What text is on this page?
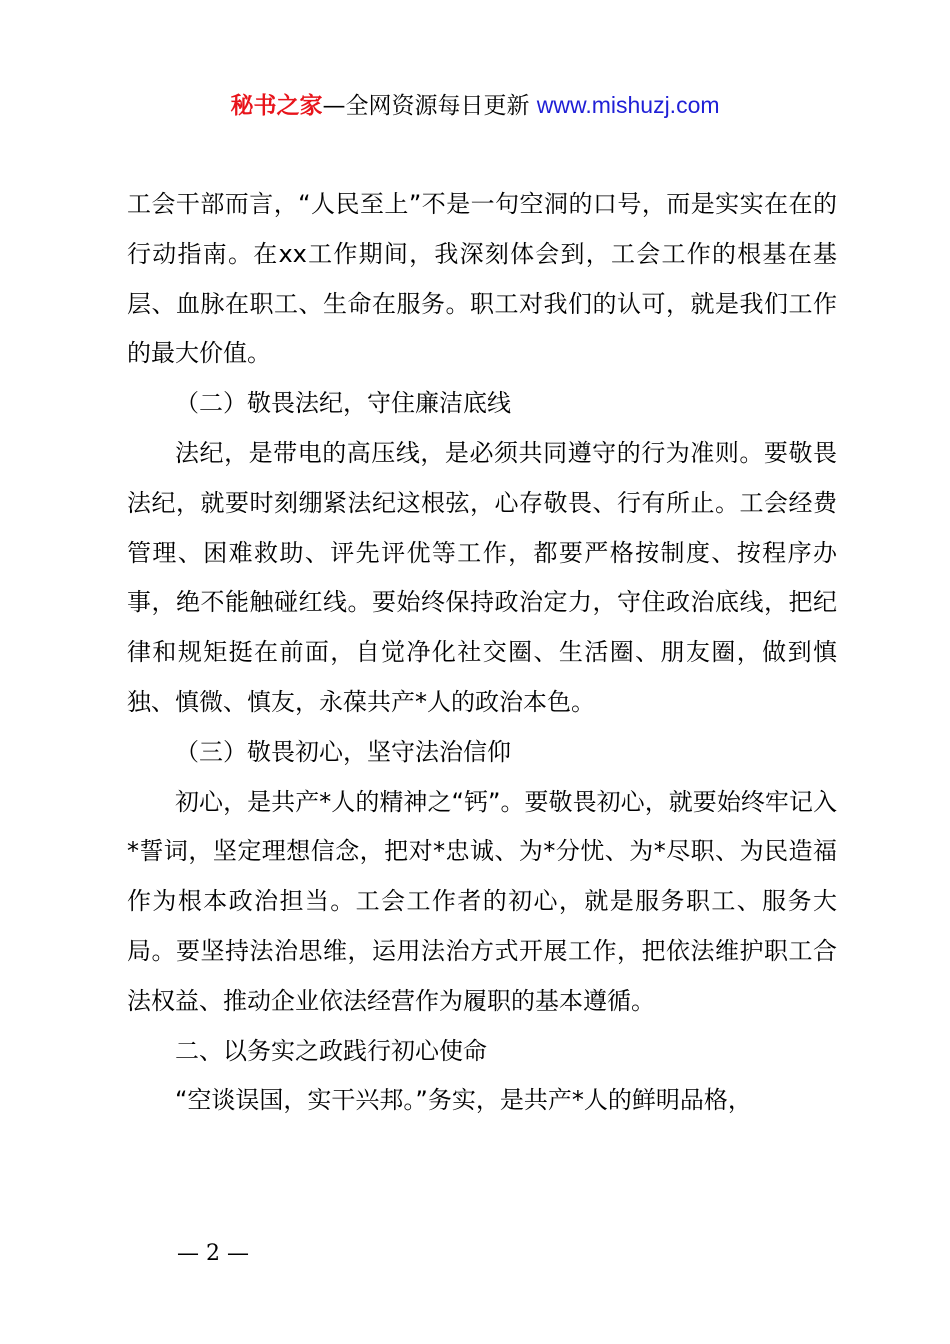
秘书之家—全网资源每日更新 www.mishuzj.com

工会干部而言，“人民至上”不是一句空洞的口号，而是实实在在的行动指南。在xx工作期间，我深刻体会到，工会工作的根基在基层、血脉在职工、生命在服务。职工对我们的认可，就是我们工作的最大价值。

（二）敬畏法纪，守住廉洁底线

法纪，是带电的高压线，是必须共同遵守的行为准则。要敬畏法纪，就要时刻绷紧法纪这根弦，心存敬畏、行有所止。工会经费管理、困难救助、评先评优等工作，都要严格按制度、按程序办事，绝不能触碰红线。要始终保持政治定力，守住政治底线，把纪律和规矩挺在前面，自觉净化社交圈、生活圈、朋友圈，做到慎独、慎微、慎友，永葆共产*人的政治本色。

（三）敬畏初心，坚守法治信仰

初心，是共产*人的精神之“钙”。要敬畏初心，就要始终牢记入*誓词，坚定理想信念，把对*忠诚、为*分忧、为*尽职、为民造福作为根本政治担当。工会工作者的初心，就是服务职工、服务大局。要坚持法治思维，运用法治方式开展工作，把依法维护职工合法权益、推动企业依法经营作为履职的基本遵循。

二、以务实之政践行初心使命

“空谈误国，实干兴邦。”务实，是共产*人的鲜明品格，

— 2 —
